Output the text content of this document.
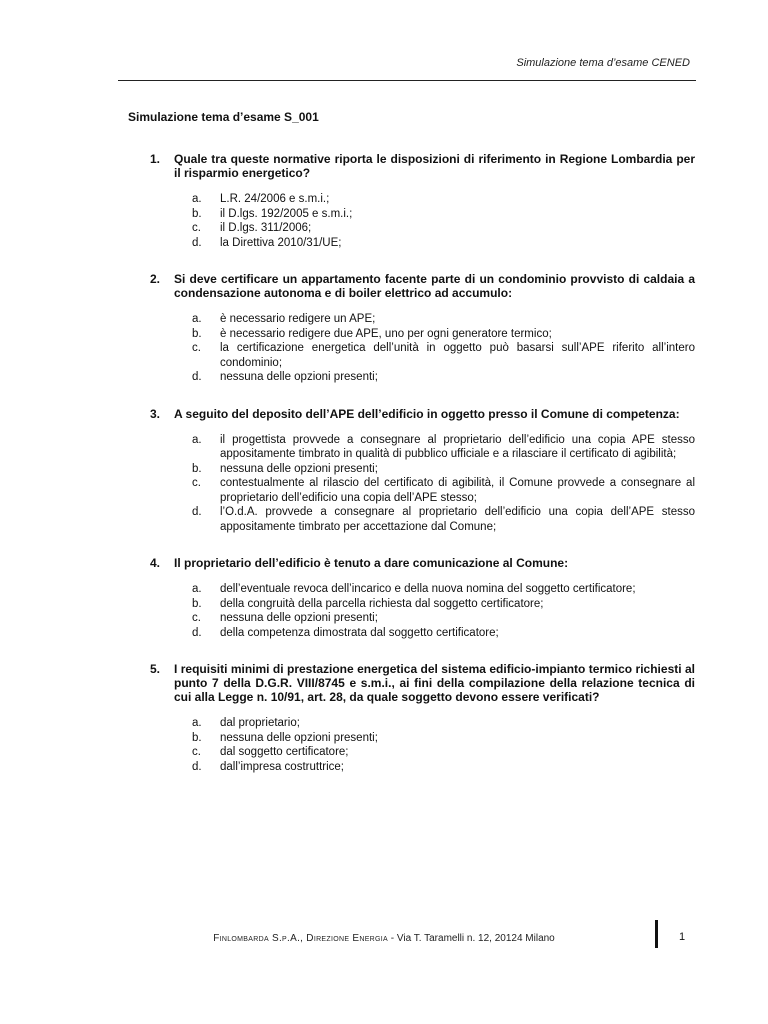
Simulazione tema d’esame CENED
Simulazione tema d’esame S_001
1.	Quale tra queste normative riporta le disposizioni di riferimento in Regione Lombardia per il risparmio energetico?
a.	L.R. 24/2006 e s.m.i.;
b.	il D.lgs. 192/2005 e s.m.i.;
c.	il D.lgs. 311/2006;
d.	la Direttiva 2010/31/UE;
2.	Si deve certificare un appartamento facente parte di un condominio provvisto di caldaia a condensazione autonoma e di boiler elettrico ad accumulo:
a.	è necessario redigere un APE;
b.	è necessario redigere due APE, uno per ogni generatore termico;
c.	la certificazione energetica dell’unità in oggetto può basarsi sull’APE riferito all’intero condominio;
d.	nessuna delle opzioni presenti;
3.	A seguito del deposito dell’APE dell’edificio in oggetto presso il Comune di competenza:
a.	il progettista provvede a consegnare al proprietario dell’edificio una copia APE stesso appositamente timbrato in qualità di pubblico ufficiale e a rilasciare il certificato di agibilità;
b.	nessuna delle opzioni presenti;
c.	contestualmente al rilascio del certificato di agibilità, il Comune provvede a consegnare al proprietario dell’edificio una copia dell’APE stesso;
d.	l’O.d.A. provvede a consegnare al proprietario dell’edificio una copia dell’APE stesso appositamente timbrato per accettazione dal Comune;
4.	Il proprietario dell’edificio è tenuto a dare comunicazione al Comune:
a.	dell’eventuale revoca dell’incarico e della nuova nomina del soggetto certificatore;
b.	della congruità della parcella richiesta dal soggetto certificatore;
c.	nessuna delle opzioni presenti;
d.	della competenza dimostrata dal soggetto certificatore;
5.	I requisiti minimi di prestazione energetica del sistema edificio-impianto termico richiesti al punto 7 della D.G.R. VIII/8745 e s.m.i., ai fini della compilazione della relazione tecnica di cui alla Legge n. 10/91, art. 28, da quale soggetto devono essere verificati?
a.	dal proprietario;
b.	nessuna delle opzioni presenti;
c.	dal soggetto certificatore;
d.	dall’impresa costruttrice;
Finlombarda S.p.A., Direzione Energia - Via T. Taramelli n. 12, 20124 Milano	1
